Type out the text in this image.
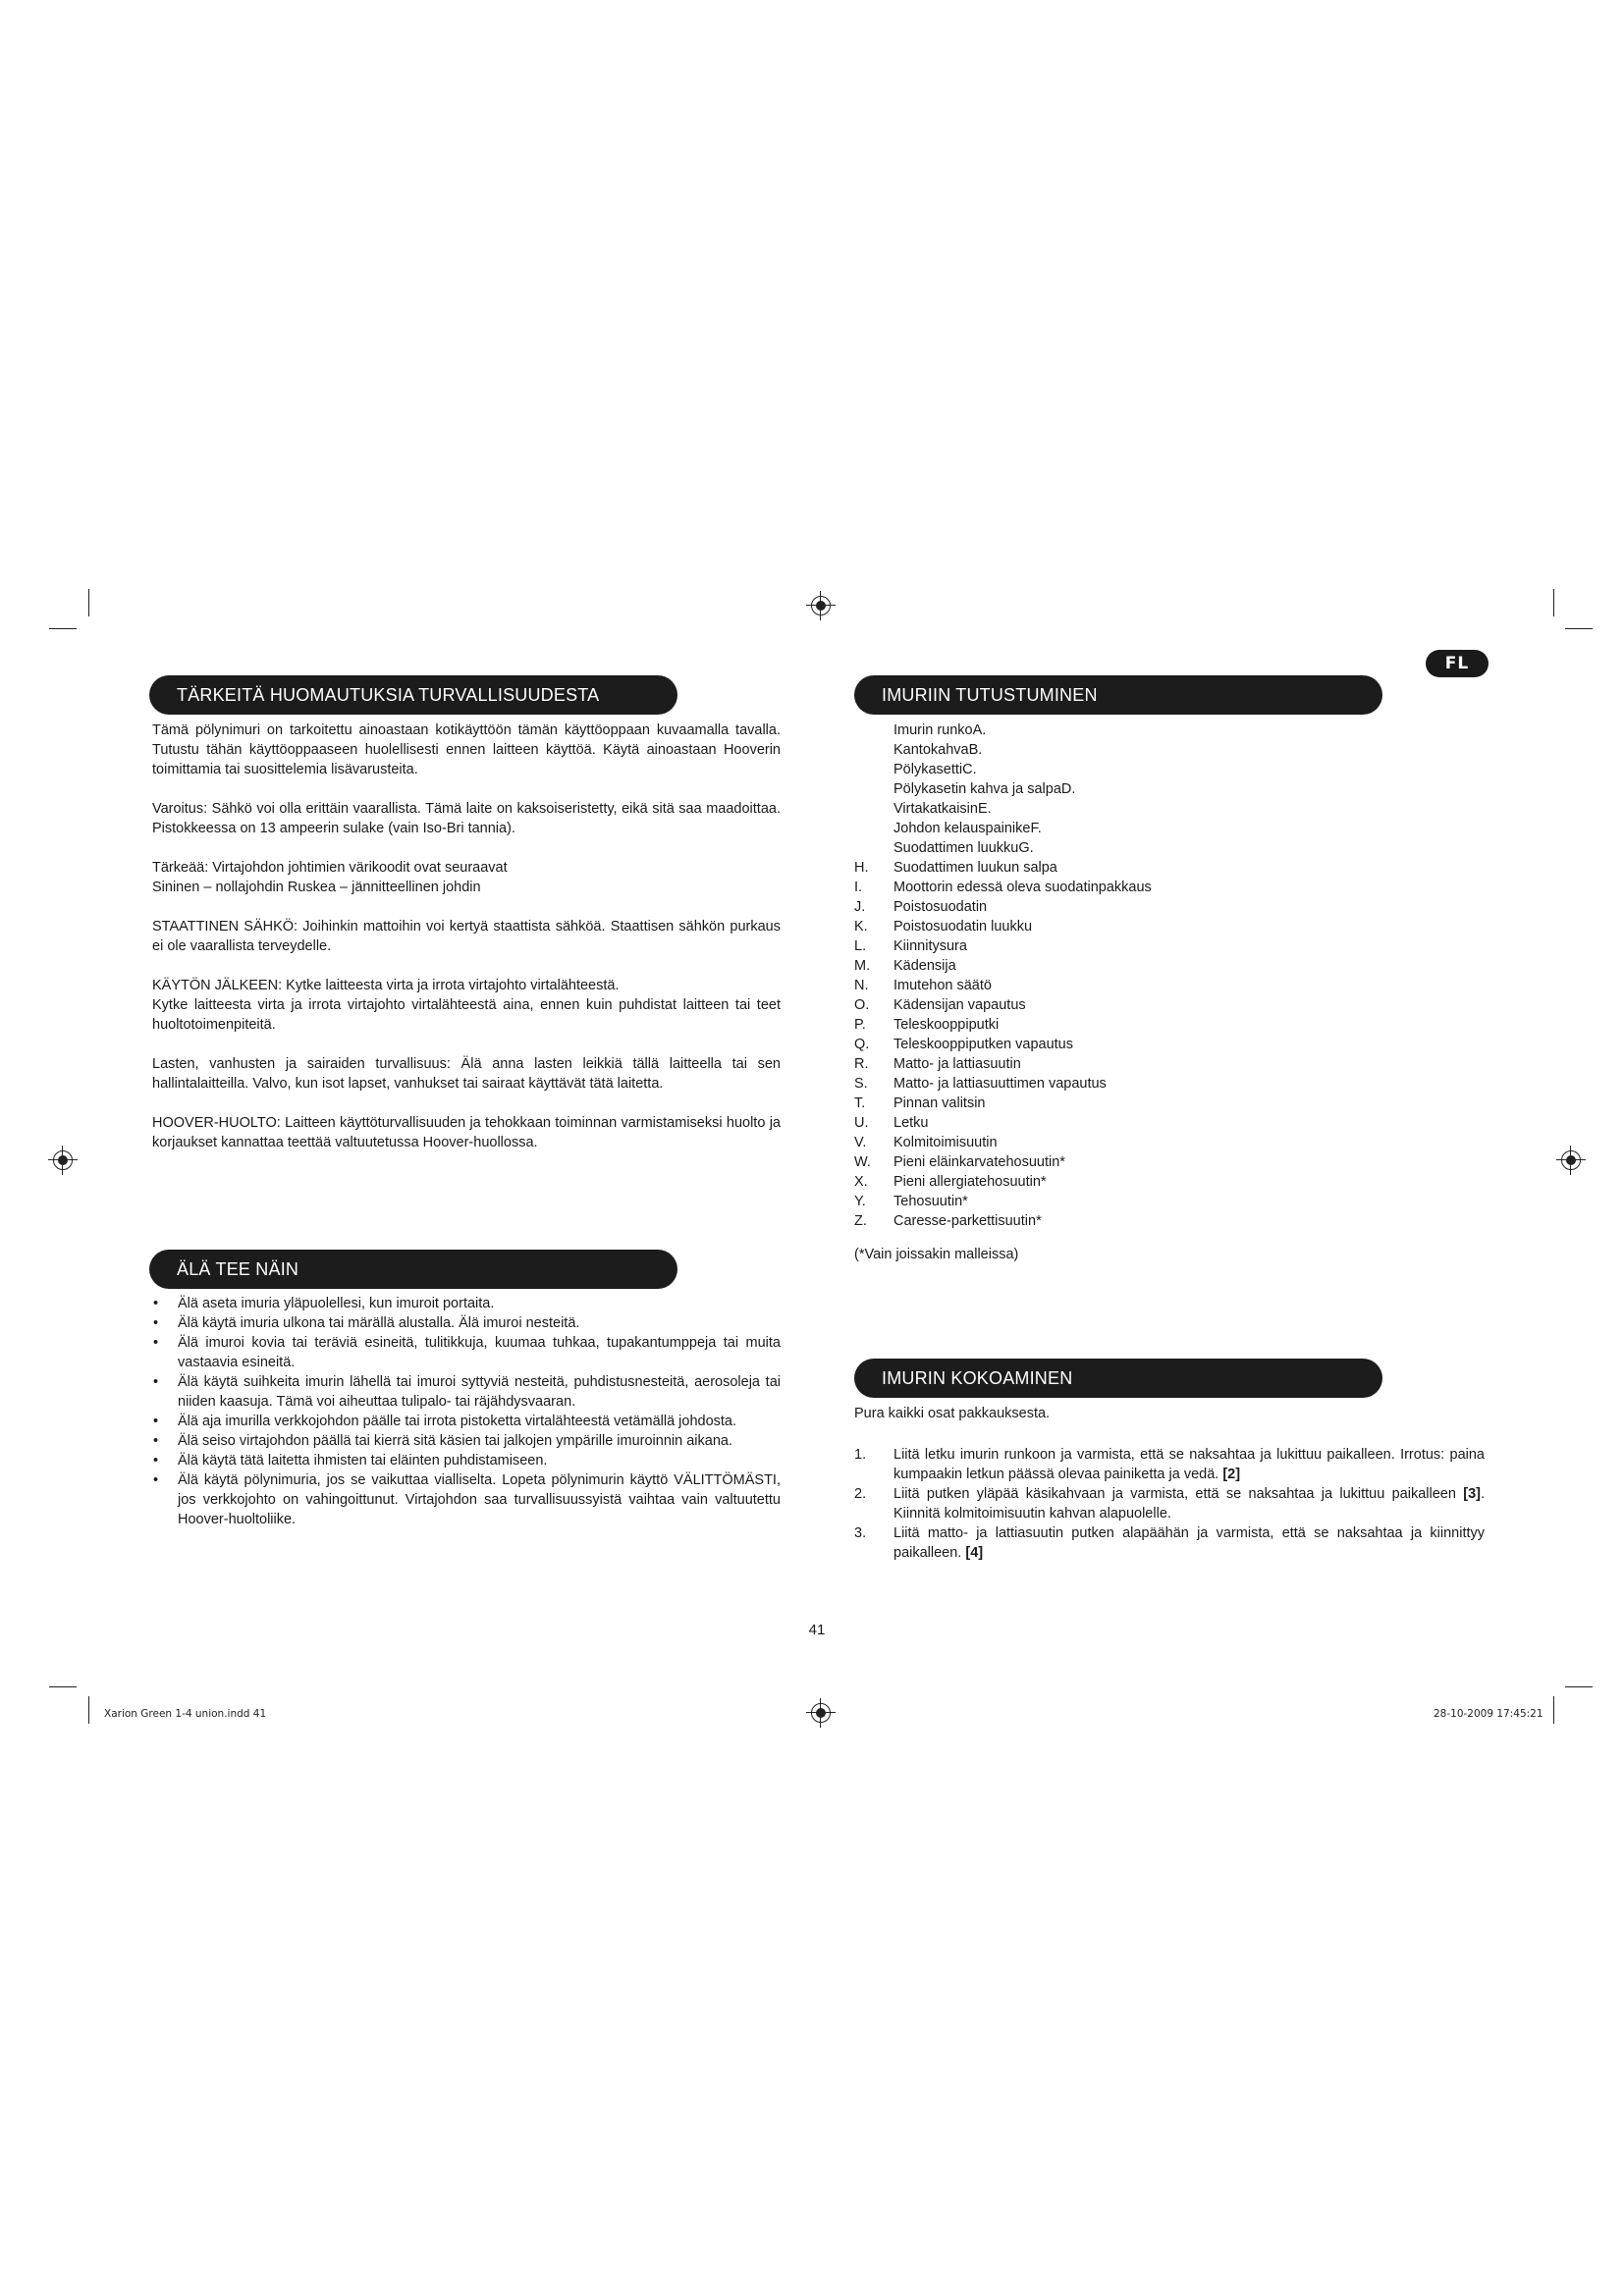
FL
TÄRKEITÄ HUOMAUTUKSIA TURVALLISUUDESTA
Tämä pölynimuri on tarkoitettu ainoastaan kotikäyttöön tämän käyttöoppaan kuvaamalla tavalla. Tutustu tähän käyttöoppaaseen huolellisesti ennen laitteen käyttöä. Käytä ainoastaan Hooverin toimittamia tai suosittelemia lisävarusteita.
Varoitus: Sähkö voi olla erittäin vaarallista. Tämä laite on kaksoiseristetty, eikä sitä saa maadoittaa. Pistokkeessa on 13 ampeerin sulake (vain Iso-Bri tannia).
Tärkeää: Virtajohdon johtimien värikoodit ovat seuraavat
Sininen – nollajohdin Ruskea – jännitteellinen johdin
STAATTINEN SÄHKÖ: Joihinkin mattoihin voi kertyä staattista sähköä. Staattisen sähkön purkaus ei ole vaarallista terveydelle.
KÄYTÖN JÄLKEEN: Kytke laitteesta virta ja irrota virtajohto virtalähteestä.
Kytke laitteesta virta ja irrota virtajohto virtalähteestä aina, ennen kuin puhdistat laitteen tai teet huoltotoimenpiteitä.
Lasten, vanhusten ja sairaiden turvallisuus: Älä anna lasten leikkiä tällä laitteella tai sen hallintalaitteilla. Valvo, kun isot lapset, vanhukset tai sairaat käyttävät tätä laitetta.
HOOVER-HUOLTO: Laitteen käyttöturvallisuuden ja tehokkaan toiminnan varmistamiseksi huolto ja korjaukset kannattaa teettää valtuutetussa Hoover-huollossa.
ÄLÄ TEE NÄIN
• Älä aseta imuria yläpuolellesi, kun imuroit portaita.
• Älä käytä imuria ulkona tai märällä alustalla. Älä imuroi nesteitä.
• Älä imuroi kovia tai teräviä esineitä, tulitikkuja, kuumaa tuhkaa, tupakantumppeja tai muita vastaavia esineitä.
• Älä käytä suihkeita imurin lähellä tai imuroi syttyviä nesteitä, puhdistusnesteitä, aerosoleja tai niiden kaasuja. Tämä voi aiheuttaa tulipalo- tai räjähdysvaaran.
• Älä aja imurilla verkkojohdon päälle tai irrota pistoketta virtalähteestä vetämällä johdosta.
• Älä seiso virtajohdon päällä tai kierrä sitä käsien tai jalkojen ympärille imuroinnin aikana.
• Älä käytä tätä laitetta ihmisten tai eläinten puhdistamiseen.
• Älä käytä pölynimuria, jos se vaikuttaa vialliselta. Lopeta pölynimurin käyttö VÄLITTÖMÄSTI, jos verkkojohto on vahingoittunut. Virtajohdon saa turvallisuussyistä vaihtaa vain valtuutettu Hoover-huoltoliike.
IMURIIN TUTUSTUMINEN
Imurin runkoA.
KantokahvaB.
PölykasettiC.
Pölykasetin kahva ja salpaD.
VirtakatkaisinE.
Johdon kelauspainikeF.
Suodattimen luukkuG.
H.	Suodattimen luukun salpa
I.	Moottorin edessä oleva suodatinpakkaus
J.	Poistosuodatin
K.	Poistosuodatin luukku
L.	Kiinnitysura
M.	Kädensija
N.	Imutehon säätö
O.	Kädensijan vapautus
P.	Teleskooppiputki
Q.	Teleskooppiputken vapautus
R.	Matto- ja lattiasuutin
S.	Matto- ja lattiasuuttimen vapautus
T.	Pinnan valitsin
U.	Letku
V.	Kolmitoimisuutin
W.	Pieni eläinkarvatehosuutin*
X.	Pieni allergiatehosuutin*
Y.	Tehosuutin*
Z.	Caresse-parkettisuutin*
(*Vain joissakin malleissa)
IMURIN KOKOAMINEN
Pura kaikki osat pakkauksesta.
1.	Liitä letku imurin runkoon ja varmista, että se naksahtaa ja lukittuu paikalleen. Irrotus: paina kumpaakin letkun päässä olevaa painiketta ja vedä. [2]
2.	Liitä putken yläpää käsikahvaan ja varmista, että se naksahtaa ja lukittuu paikalleen [3]. Kiinnitä kolmitoimisuutin kahvan alapuolelle.
3.	Liitä matto- ja lattiasuutin putken alapäähän ja varmista, että se naksahtaa ja kiinnittyy paikalleen. [4]
41
Xarion Green 1-4 union.indd 41	28-10-2009 17:45:21
